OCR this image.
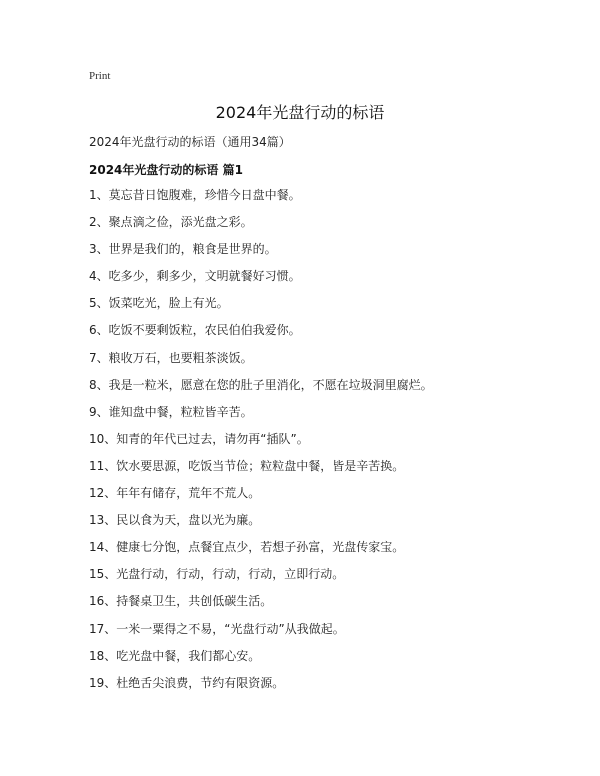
Print
2024年光盘行动的标语
2024年光盘行动的标语（通用34篇）
2024年光盘行动的标语 篇1
1、莫忘昔日饱腹难，珍惜今日盘中餐。
2、聚点滴之俭，添光盘之彩。
3、世界是我们的，粮食是世界的。
4、吃多少，剩多少，文明就餐好习惯。
5、饭菜吃光，脸上有光。
6、吃饭不要剩饭粒，农民伯伯我爱你。
7、粮收万石，也要粗茶淡饭。
8、我是一粒米，愿意在您的肚子里消化，不愿在垃圾洞里腐烂。
9、谁知盘中餐，粒粒皆辛苦。
10、知青的年代已过去，请勿再“插队”。
11、饮水要思源，吃饭当节俭；粒粒盘中餐，皆是辛苦换。
12、年年有储存，荒年不荒人。
13、民以食为天，盘以光为廉。
14、健康七分饱，点餐宜点少，若想子孙富，光盘传家宝。
15、光盘行动，行动，行动，行动，立即行动。
16、持餐桌卫生，共创低碳生活。
17、一米一粟得之不易，“光盘行动”从我做起。
18、吃光盘中餐，我们都心安。
19、杜绝舌尖浪费，节约有限资源。
